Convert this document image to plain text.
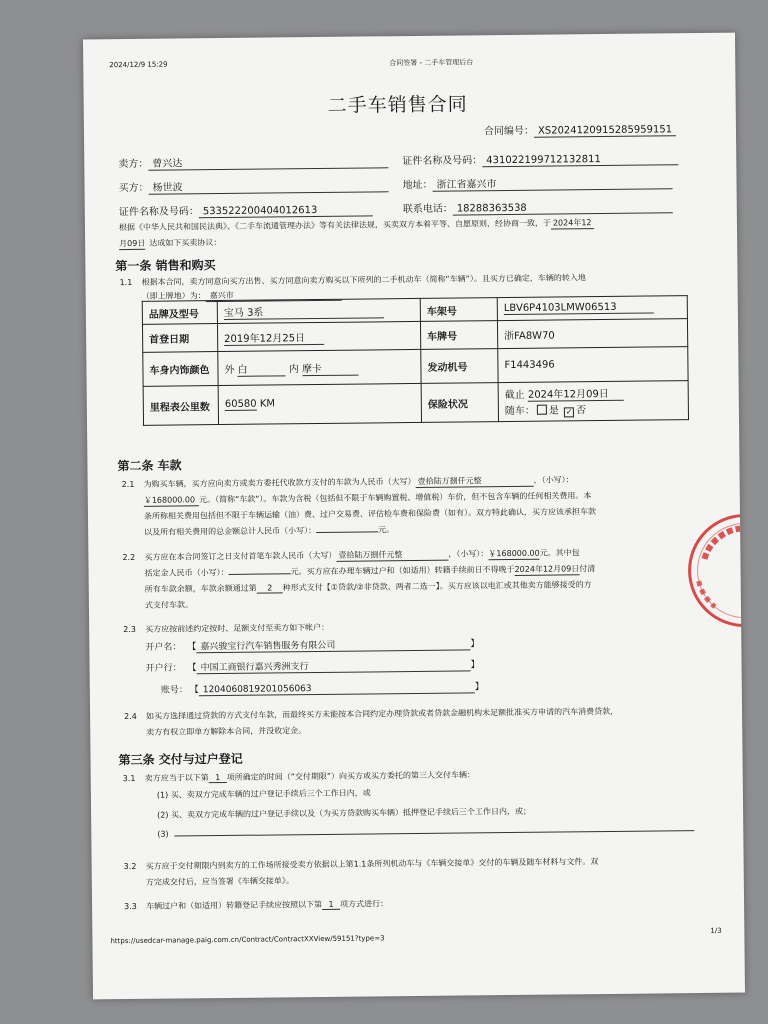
2024/12/9 15:29	合同签署 - 二手车管理后台
二手车销售合同
合同编号： XS2024120915285959151
卖方： 曾兴达	证件名称及号码： 431022199712132811
买方： 杨世波	地址： 浙江省嘉兴市
证件名称及号码： 533522200404012613	联系电话： 18288363538
根据《中华人民共和国民法典》、《二手车流通管理办法》等有关法律法规，买卖双方本着平等、自愿原则，经协商一致，于 2024年12
月09日 达成如下买卖协议：
第一条 销售和购买
1.1 根据本合同，卖方同意向买方出售、买方同意向卖方购买以下所列的二手机动车（简称“车辆”）。且买方已确定，车辆的转入地
（即上牌地）为： 嘉兴市
品牌及型号	宝马 3系	车架号	LBV6P4103LMW06513
首登日期	2019年12月25日	车牌号	浙FA8W70
车身内饰颜色	外 白 内 摩卡	发动机号	F1443496
里程表公里数	60580 KM	保险状况	截止 2024年12月09日
随车： 是 ✓ 否
第二条 车款
2.1 为购买车辆，买方应向卖方或卖方委托代收款方支付的车款为人民币（大写） 壹拾陆万捌仟元整	，（小写）：
￥168000.00 元。（简称“车款”）。车款为含税（包括但不限于车辆购置税、增值税）车价，但不包含车辆的任何相关费用。本
条所称相关费用包括但不限于车辆运输（油）费、过户交易费、评估检车费和保险费（如有）。双方特此确认，买方应该承担车款
以及所有相关费用的总金额总计人民币（小写）：	元。
2.2 买方应在本合同签订之日支付首笔车款人民币（大写） 壹拾陆万捌仟元整	，（小写）：￥168000.00元。其中包
括定金人民币（小写）：	元。买方应在办理车辆过户和（如适用）转籍手续前日不得晚于2024年12月09日付清
所有车款余额，车款余额通过第 2 种形式支付【①贷款/②非贷款，两者二选一】。买方应该以电汇或其他卖方能够接受的方
式支付车款。
2.3 买方应按前述约定按时、足额支付至卖方如下帐户：
开户名： 【 嘉兴骏宝行汽车销售服务有限公司	】
开户行： 【 中国工商银行嘉兴秀洲支行	】
账号： 【 1204060819201056063	】
2.4 如买方选择通过贷款的方式支付车款，而最终买方未能按本合同约定办理贷款或者贷款金融机构未足额批准买方申请的汽车消费贷款，
卖方有权立即单方解除本合同，并没收定金。
第三条 交付与过户登记
3.1 卖方应当于以下第 1 项所确定的时间（“交付期限”）向买方或买方委托的第三人交付车辆：
(1) 买、卖双方完成车辆的过户登记手续后三个工作日内，或
(2) 买、卖双方完成车辆的过户登记手续以及（为买方贷款购买车辆）抵押登记手续后三个工作日内，或；
(3)
3.2 买方应于交付期限内到卖方的工作场所接受卖方依据以上第1.1条所列机动车与《车辆交接单》交付的车辆及随车材料与文件。双
方完成交付后，应当签署《车辆交接单》。
3.3 车辆过户和（如适用）转籍登记手续应按照以下第 1 项方式进行：
https://usedcar-manage.paig.com.cn/Contract/ContractXXView/59151?type=3
1/3
